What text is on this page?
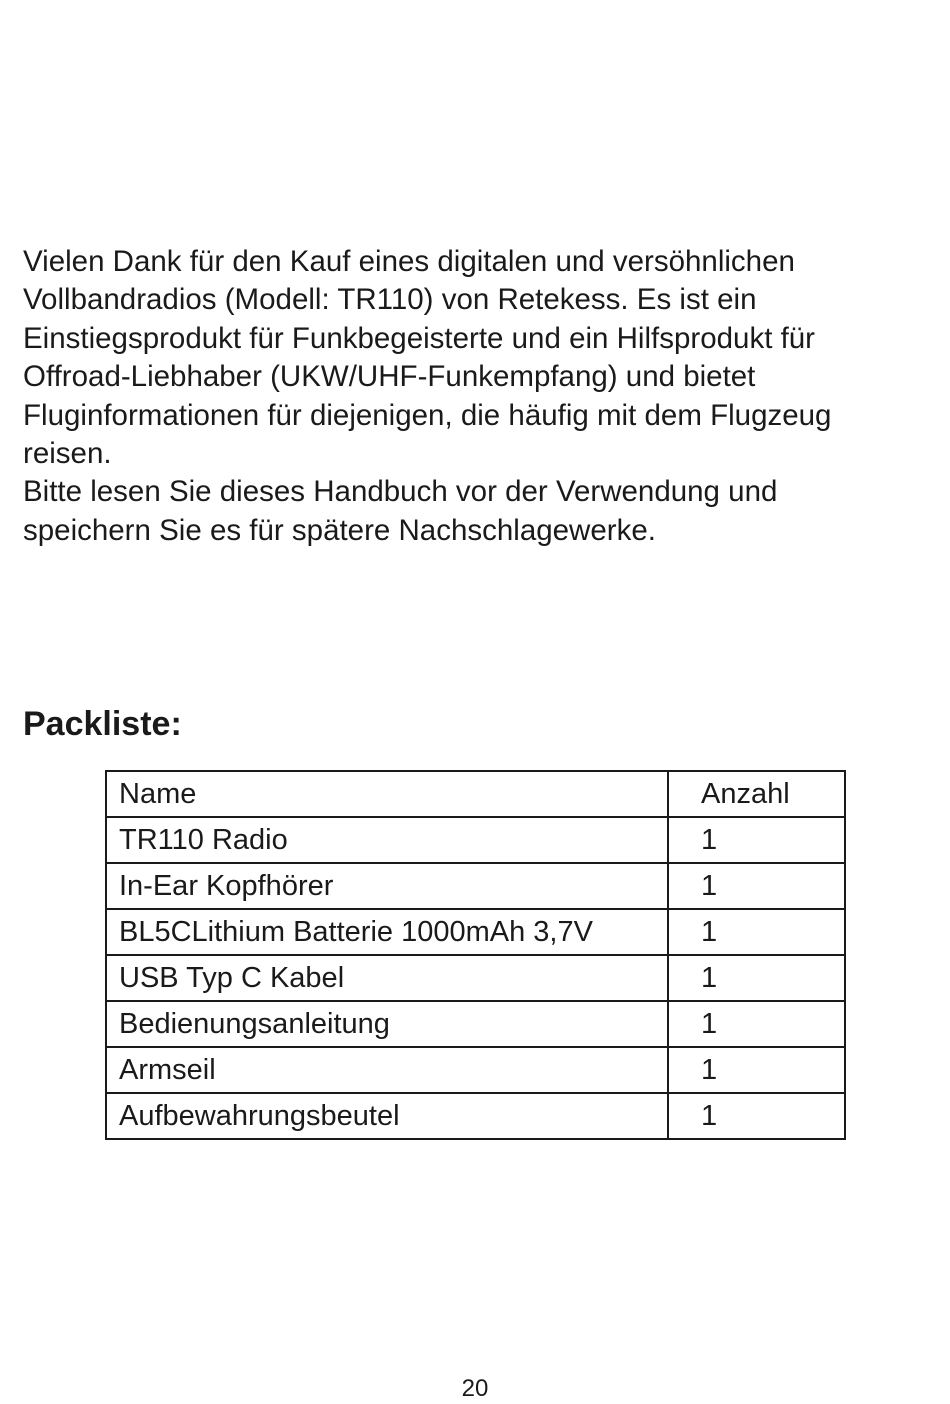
Vielen Dank für den Kauf eines digitalen und versöhnlichen

Vollbandradios (Modell: TR110) von Retekess. Es ist ein

Einstiegsprodukt für Funkbegeisterte und ein Hilfsprodukt für

Offroad-Liebhaber (UKW/UHF-Funkempfang) und bietet

Fluginformationen für diejenigen, die häufig mit dem Flugzeug

reisen.

Bitte lesen Sie dieses Handbuch vor der Verwendung und

speichern Sie es für spätere Nachschlagewerke.

Packliste:
Name	Anzahl
TR110 Radio	1
In-Ear Kopfhörer	1
BL5CLithium Batterie 1000mAh 3,7V	1
USB Typ C Kabel	1
Bedienungsanleitung	1
Armseil	1
Aufbewahrungsbeutel	1
20
